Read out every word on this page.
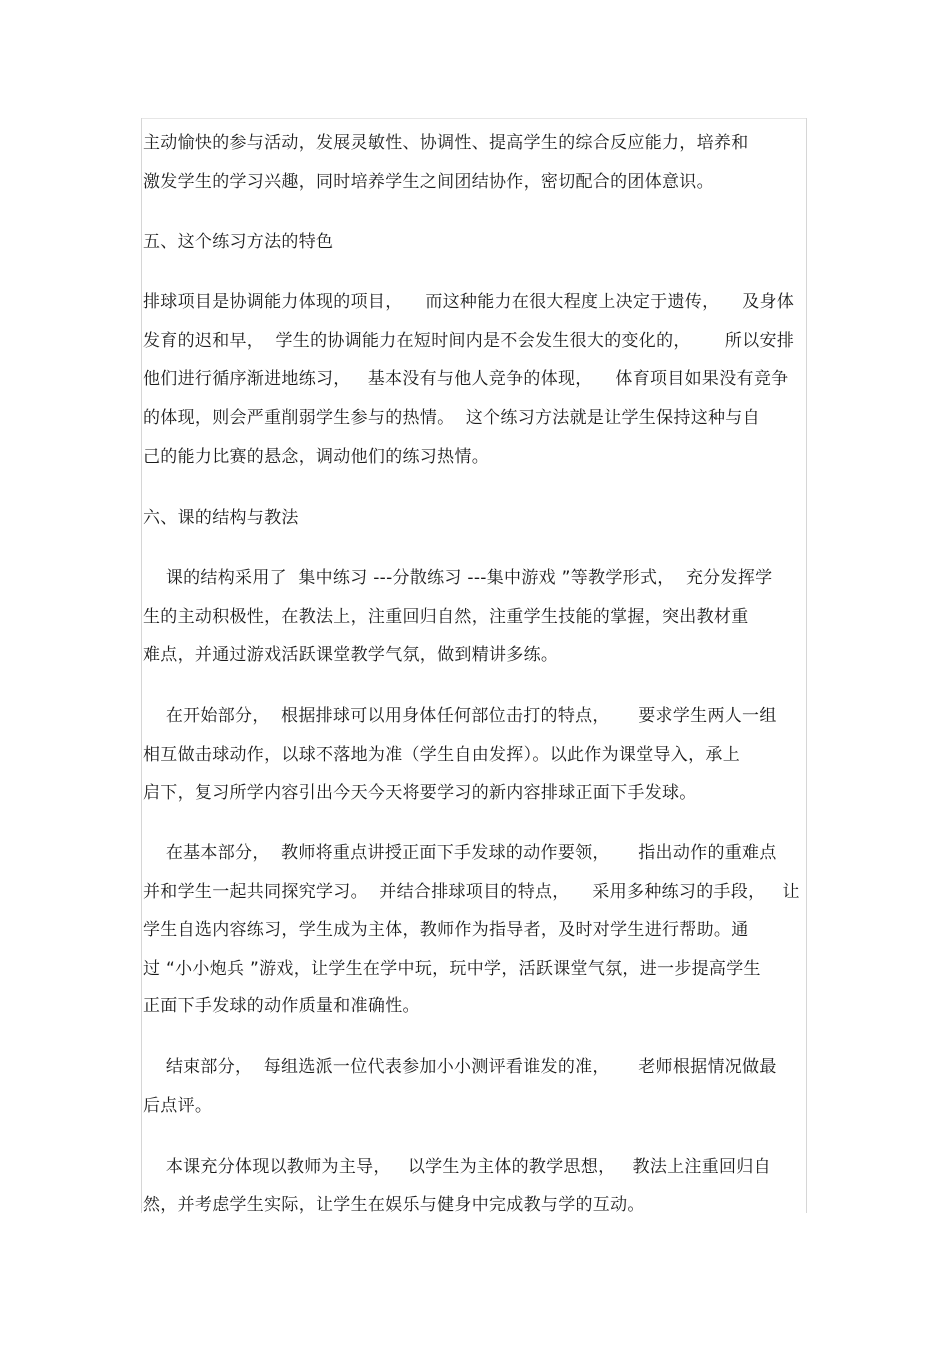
主动愉快的参与活动，发展灵敏性、协调性、提高学生的综合反应能力，培养和
激发学生的学习兴趣，同时培养学生之间团结协作，密切配合的团体意识。
五、这个练习方法的特色
排球项目是协调能力体现的项目，    而这种能力在很大程度上决定于遗传，    及身体
发育的迟和早，  学生的协调能力在短时间内是不会发生很大的变化的，      所以安排
他们进行循序渐进地练习，   基本没有与他人竞争的体现，    体育项目如果没有竞争
的体现，则会严重削弱学生参与的热情。  这个练习方法就是让学生保持这种与自
己的能力比赛的悬念，调动他们的练习热情。
六、课的结构与教法
课的结构采用了  集中练习 ---分散练习 ---集中游戏 ”等教学形式，  充分发挥学
生的主动积极性，在教法上，注重回归自然，注重学生技能的掌握，突出教材重
难点，并通过游戏活跃课堂教学气氛，做到精讲多练。
在开始部分，  根据排球可以用身体任何部位击打的特点，     要求学生两人一组
相互做击球动作，以球不落地为准（学生自由发挥）。以此作为课堂导入，承上
启下，复习所学内容引出今天今天将要学习的新内容排球正面下手发球。
在基本部分，  教师将重点讲授正面下手发球的动作要领，     指出动作的重难点
并和学生一起共同探究学习。  并结合排球项目的特点，    采用多种练习的手段，   让
学生自选内容练习，学生成为主体，教师作为指导者，及时对学生进行帮助。通
过 “小小炮兵 ”游戏，让学生在学中玩，玩中学，活跃课堂气氛，进一步提高学生
正面下手发球的动作质量和准确性。
结束部分，  每组选派一位代表参加小小测评看谁发的准，     老师根据情况做最
后点评。
本课充分体现以教师为主导，   以学生为主体的教学思想，   教法上注重回归自
然，并考虑学生实际，让学生在娱乐与健身中完成教与学的互动。
